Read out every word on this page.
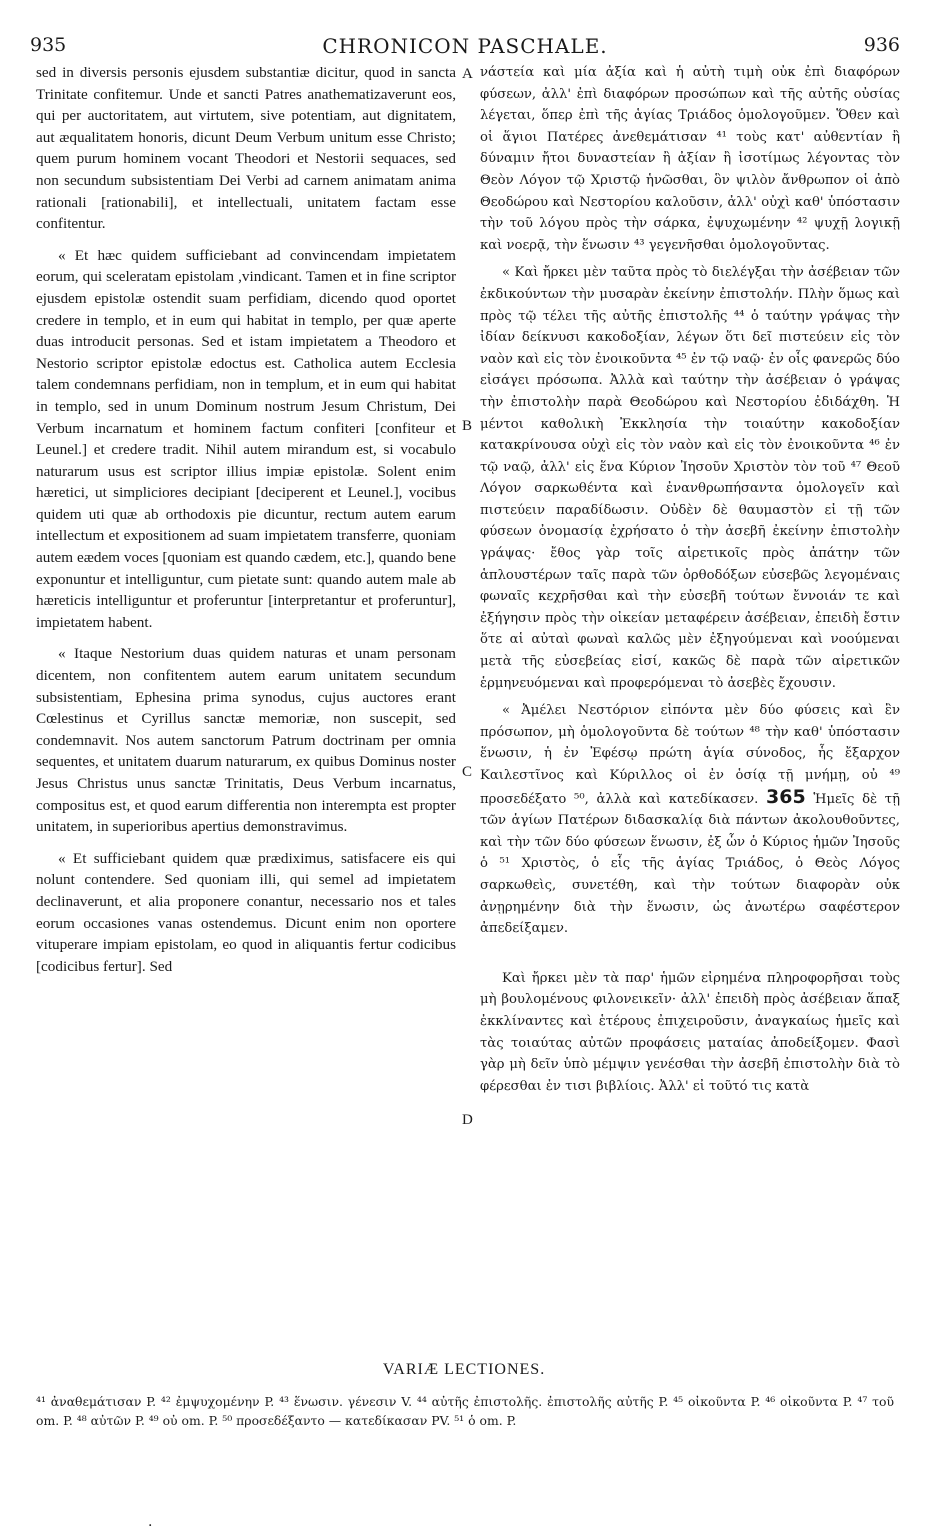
935	CHRONICON PASCHALE.	936

sed in diversis personis ejusdem substantiæ dicitur, quod in sancta Trinitate confitemur. Unde et sancti Patres anathematizaverunt eos, qui per auctoritatem, aut virtutem, sive potentiam, aut dignitatem, aut æqualitatem honoris, dicunt Deum Verbum unitum esse Christo; quem purum hominem vocant Theodori et Nestorii sequaces, sed non secundum subsistentiam Dei Verbi ad carnem animatam anima rationali [rationabili], et intellectuali, unitatem factam esse confitentur.

« Et hæc quidem sufficiebant ad convincendam impietatem eorum, qui sceleratam epistolam ,vindicant. Tamen et in fine scriptor ejusdem epistolæ ostendit suam perfidiam, dicendo quod oportet credere in templo, et in eum qui habitat in templo, per quæ aperte duas introducit personas. Sed et istam impietatem a Theodoro et Nestorio scriptor epistolæ edoctus est. Catholica autem Ecclesia talem condemnans perfidiam, non in templum, et in eum qui habitat in templo, sed in unum Dominum nostrum Jesum Christum, Dei Verbum incarnatum et hominem factum confiteri [confiteur et Leunel.] et credere tradit. Nihil autem mirandum est, si vocabulo naturarum usus est scriptor illius impiæ epistolæ. Solent enim hæretici, ut simpliciores decipiant [deciperent et Leunel.], vocibus quidem uti quæ ab orthodoxis pie dicuntur, rectum autem earum intellectum et expositionem ad suam impietatem transferre, quoniam autem eædem voces [quoniam est quando cædem, etc.], quando bene exponuntur et intelliguntur, cum pietate sunt: quando autem male ab hæreticis intelliguntur et proferuntur [interpretantur et proferuntur], impietatem habent.

« Itaque Nestorium duas quidem naturas et unam personam dicentem, non confitentem autem earum unitatem secundum subsistentiam, Ephesina prima synodus, cujus auctores erant Cœlestinus et Cyrillus sanctæ memoriæ, non suscepit, sed condemnavit. Nos autem sanctorum Patrum doctrinam per omnia sequentes, et unitatem duarum naturarum, ex quibus Dominus noster Jesus Christus unus sanctæ Trinitatis, Deus Verbum incarnatus, compositus est, et quod earum differentia non interempta est propter unitatem, in superioribus apertius demonstravimus.

« Et sufficiebant quidem quæ prædiximus, satisfacere eis qui nolunt contendere. Sed quoniam illi, qui semel ad impietatem declinaverunt, et alia proponere conantur, necessario nos et tales eorum occasiones vanas ostendemus. Dicunt enim non oportere vituperare impiam epistolam, eo quod in aliquantis fertur codicibus [codicibus fertur]. Sed

A
B
C
D

νάστεία καὶ μία ἀξία καὶ ἡ αὐτὴ τιμὴ οὐκ ἐπὶ διαφόρων φύσεων, ἀλλ' ἐπὶ διαφόρων προσώπων καὶ τῆς αὐτῆς οὐσίας λέγεται, ὅπερ ἐπὶ τῆς ἁγίας Τριάδος ὁμολογοῦμεν. Ὅθεν καὶ οἱ ἅγιοι Πατέρες ἀνεθεμάτισαν ⁴¹ τοὺς κατ' αὐθεντίαν ἢ δύναμιν ἤτοι δυναστείαν ἢ ἀξίαν ἢ ἰσοτίμως λέγοντας τὸν Θεὸν Λόγον τῷ Χριστῷ ἡνῶσθαι, ὃν ψιλὸν ἄνθρωπον οἱ ἀπὸ Θεοδώρου καὶ Νεστορίου καλοῦσιν, ἀλλ' οὐχὶ καθ' ὑπόστασιν τὴν τοῦ λόγου πρὸς τὴν σάρκα, ἐψυχωμένην ⁴² ψυχῇ λογικῇ καὶ νοερᾷ, τὴν ἕνωσιν ⁴³ γεγενῆσθαι ὁμολογοῦντας.

« Καὶ ἤρκει μὲν ταῦτα πρὸς τὸ διελέγξαι τὴν ἀσέβειαν τῶν ἐκδικούντων τὴν μυσαρὰν ἐκείνην ἐπιστολήν. Πλὴν ὅμως καὶ πρὸς τῷ τέλει τῆς αὐτῆς ἐπιστολῆς ⁴⁴ ὁ ταύτην γράψας τὴν ἰδίαν δείκνυσι κακοδοξίαν, λέγων ὅτι δεῖ πιστεύειν εἰς τὸν ναὸν καὶ εἰς τὸν ἐνοικοῦντα ⁴⁵ ἐν τῷ ναῷ· ἐν οἷς φανερῶς δύο εἰσάγει πρόσωπα. Ἀλλὰ καὶ ταύτην τὴν ἀσέβειαν ὁ γράψας τὴν ἐπιστολὴν παρὰ Θεοδώρου καὶ Νεστορίου ἐδιδάχθη. Ἡ μέντοι καθολικὴ Ἐκκλησία τὴν τοιαύτην κακοδοξίαν κατακρίνουσα οὐχὶ εἰς τὸν ναὸν καὶ εἰς τὸν ἐνοικοῦντα ⁴⁶ ἐν τῷ ναῷ, ἀλλ' εἰς ἕνα Κύριον Ἰησοῦν Χριστὸν τὸν τοῦ ⁴⁷ Θεοῦ Λόγον σαρκωθέντα καὶ ἐνανθρωπήσαντα ὁμολογεῖν καὶ πιστεύειν παραδίδωσιν. Οὐδὲν δὲ θαυμαστὸν εἰ τῇ τῶν φύσεων ὀνομασίᾳ ἐχρήσατο ὁ τὴν ἀσεβῆ ἐκείνην ἐπιστολὴν γράψας· ἔθος γὰρ τοῖς αἱρετικοῖς πρὸς ἀπάτην τῶν ἁπλουστέρων ταῖς παρὰ τῶν ὀρθοδόξων εὐσεβῶς λεγομέναις φωναῖς κεχρῆσθαι καὶ τὴν εὐσεβῆ τούτων ἔννοιάν τε καὶ ἐξήγησιν πρὸς τὴν οἰκείαν μεταφέρειν ἀσέβειαν, ἐπειδὴ ἔστιν ὅτε αἱ αὐταὶ φωναὶ καλῶς μὲν ἐξηγούμεναι καὶ νοούμεναι μετὰ τῆς εὐσεβείας εἰσί, κακῶς δὲ παρὰ τῶν αἱρετικῶν ἑρμηνευόμεναι καὶ προφερόμεναι τὸ ἀσεβὲς ἔχουσιν.

« Ἀμέλει Νεστόριον εἰπόντα μὲν δύο φύσεις καὶ ἓν πρόσωπον, μὴ ὁμολογοῦντα δὲ τούτων ⁴⁸ τὴν καθ' ὑπόστασιν ἕνωσιν, ἡ ἐν Ἐφέσῳ πρώτη ἁγία σύνοδος, ἧς ἔξαρχον Καιλεστῖνος καὶ Κύριλλος οἱ ἐν ὁσίᾳ τῇ μνήμῃ, οὐ ⁴⁹ προσεδέξατο ⁵⁰, ἀλλὰ καὶ κατεδίκασεν. 365 Ἡμεῖς δὲ τῇ τῶν ἁγίων Πατέρων διδασκαλίᾳ διὰ πάντων ἀκολουθοῦντες, καὶ τὴν τῶν δύο φύσεων ἕνωσιν, ἐξ ὧν ὁ Κύριος ἡμῶν Ἰησοῦς ὁ ⁵¹ Χριστὸς, ὁ εἷς τῆς ἁγίας Τριάδος, ὁ Θεὸς Λόγος σαρκωθεὶς, συνετέθη, καὶ τὴν τούτων διαφορὰν οὐκ ἀνῃρημένην διὰ τὴν ἕνωσιν, ὡς ἀνωτέρω σαφέστερον ἀπεδείξαμεν.

Καὶ ἤρκει μὲν τὰ παρ' ἡμῶν εἰρημένα πληροφορῆσαι τοὺς μὴ βουλομένους φιλονεικεῖν· ἀλλ' ἐπειδὴ πρὸς ἀσέβειαν ἅπαξ ἐκκλίναντες καὶ ἑτέρους ἐπιχειροῦσιν, ἀναγκαίως ἡμεῖς καὶ τὰς τοιαύτας αὐτῶν προφάσεις ματαίας ἀποδείξομεν. Φασὶ γὰρ μὴ δεῖν ὑπὸ μέμψιν γενέσθαι τὴν ἀσεβῆ ἐπιστολὴν διὰ τὸ φέρεσθαι ἐν τισι βιβλίοις. Ἀλλ' εἰ τοῦτό τις κατὰ

VARIÆ LECTIONES.

⁴¹ ἀναθεμάτισαν P. ⁴² ἐμψυχομένην P. ⁴³ ἕνωσιν. γένεσιν V. ⁴⁴ αὐτῆς ἐπιστολῆς. ἐπιστολῆς αὐτῆς P. ⁴⁵ οἰκοῦντα P. ⁴⁶ οἰκοῦντα P. ⁴⁷ τοῦ om. P. ⁴⁸ αὐτῶν P. ⁴⁹ οὐ om. P. ⁵⁰ προσεδέξαντο — κατεδίκασαν PV. ⁵¹ ὁ om. P.

·
